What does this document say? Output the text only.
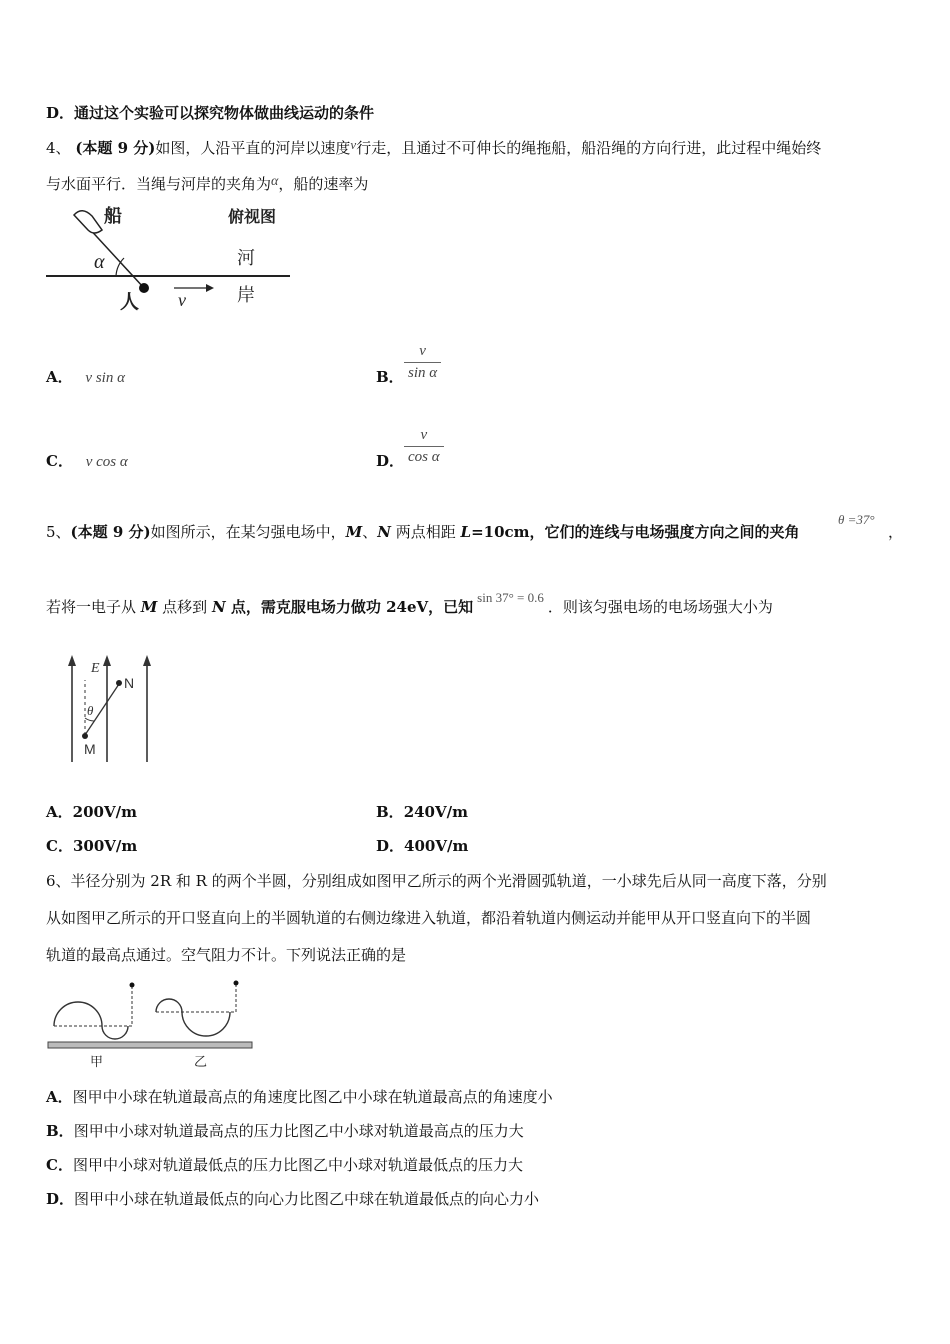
D．通过这个实验可以探究物体做曲线运动的条件
4、 (本题 9 分)如图，人沿平直的河岸以速度v行走，且通过不可伸长的绳拖船，船沿绳的方向行进，此过程中绳始终
与水面平行．当绳与河岸的夹角为α，船的速率为
船	俯视图
河
岸
人
α
v
A． v sin α	B． $\frac{v}{\text{sin α}}$
C． v cos α	D． $\frac{v}{\text{cos α}}$
5、(本题 9 分)如图所示，在某匀强电场中，M、N 两点相距 L=10cm，它们的连线与电场强度方向之间的夹角
θ =37°
，
若将一电子从 M 点移到 N 点，需克服电场力做功 24eV，已知sin 37° = 0.6．则该匀强电场的电场场强大小为
E
N
M
θ
A．200V/m	B．240V/m
C．300V/m	D．400V/m
6、半径分别为 2R 和 R 的两个半圆，分别组成如图甲乙所示的两个光滑圆弧轨道，一小球先后从同一高度下落，分别
从如图甲乙所示的开口竖直向上的半圆轨道的右侧边缘进入轨道，都沿着轨道内侧运动并能甲从开口竖直向下的半圆
轨道的最高点通过。空气阻力不计。下列说法正确的是
甲	乙
A．图甲中小球在轨道最高点的角速度比图乙中小球在轨道最高点的角速度小
B．图甲中小球对轨道最高点的压力比图乙中小球对轨道最高点的压力大
C．图甲中小球对轨道最低点的压力比图乙中小球对轨道最低点的压力大
D．图甲中小球在轨道最低点的向心力比图乙中球在轨道最低点的向心力小
